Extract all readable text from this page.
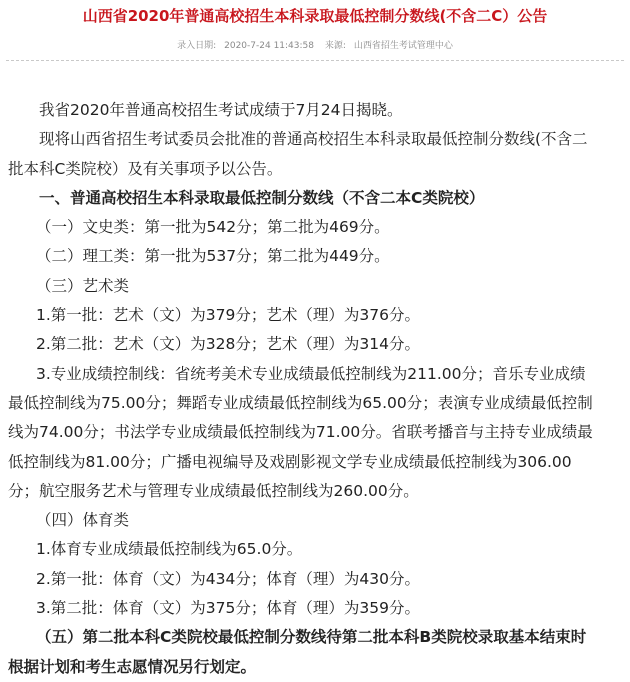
山西省2020年普通高校招生本科录取最低控制分数线(不含二C）公告
录入日期: 2020-7-24 11:43:58 来源: 山西省招生考试管理中心

我省2020年普通高校招生考试成绩于7月24日揭晓。

现将山西省招生考试委员会批准的普通高校招生本科录取最低控制分数线(不含二

批本科C类院校）及有关事项予以公告。

一、普通高校招生本科录取最低控制分数线（不含二本C类院校）

（一）文史类：第一批为542分；第二批为469分。

（二）理工类：第一批为537分；第二批为449分。

（三）艺术类

1.第一批：艺术（文）为379分；艺术（理）为376分。

2.第二批：艺术（文）为328分；艺术（理）为314分。

3.专业成绩控制线：省统考美术专业成绩最低控制线为211.00分；音乐专业成绩

最低控制线为75.00分；舞蹈专业成绩最低控制线为65.00分；表演专业成绩最低控制

线为74.00分；书法学专业成绩最低控制线为71.00分。省联考播音与主持专业成绩最

低控制线为81.00分；广播电视编导及戏剧影视文学专业成绩最低控制线为306.00

分；航空服务艺术与管理专业成绩最低控制线为260.00分。

（四）体育类

1.体育专业成绩最低控制线为65.0分。

2.第一批：体育（文）为434分；体育（理）为430分。

3.第二批：体育（文）为375分；体育（理）为359分。

（五）第二批本科C类院校最低控制分数线待第二批本科B类院校录取基本结束时

根据计划和考生志愿情况另行划定。
